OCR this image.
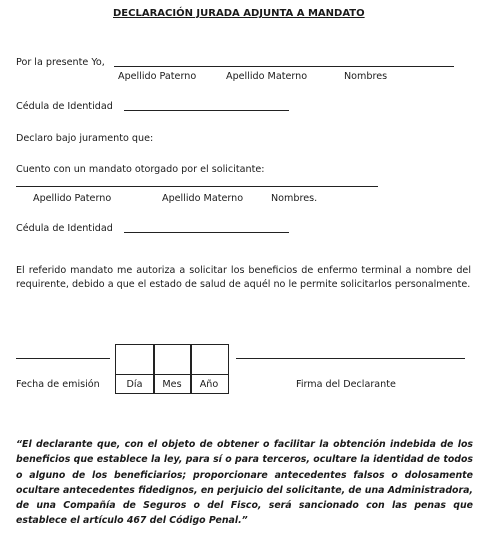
DECLARACIÓN JURADA ADJUNTA A MANDATO
Por la presente Yo,
Apellido Paterno	Apellido Materno	Nombres
Cédula de Identidad
Declaro bajo juramento que:
Cuento con un mandato otorgado por el solicitante:
Apellido Paterno	Apellido Materno	Nombres.
Cédula de Identidad
El referido mandato me autoriza a solicitar los beneficios de enfermo terminal a nombre del requirente, debido a que el estado de salud de aquél no le permite solicitarlos personalmente.
Día	Mes	Año
Fecha de emisión	Firma del Declarante
“El declarante que, con el objeto de obtener o facilitar la obtención indebida de los beneficios que establece la ley, para sí o para terceros, ocultare la identidad de todos o alguno de los beneficiarios; proporcionare antecedentes falsos o dolosamente ocultare antecedentes fidedignos, en perjuicio del solicitante, de una Administradora, de una Compañía de Seguros o del Fisco, será sancionado con las penas que establece el artículo 467 del Código Penal.”
